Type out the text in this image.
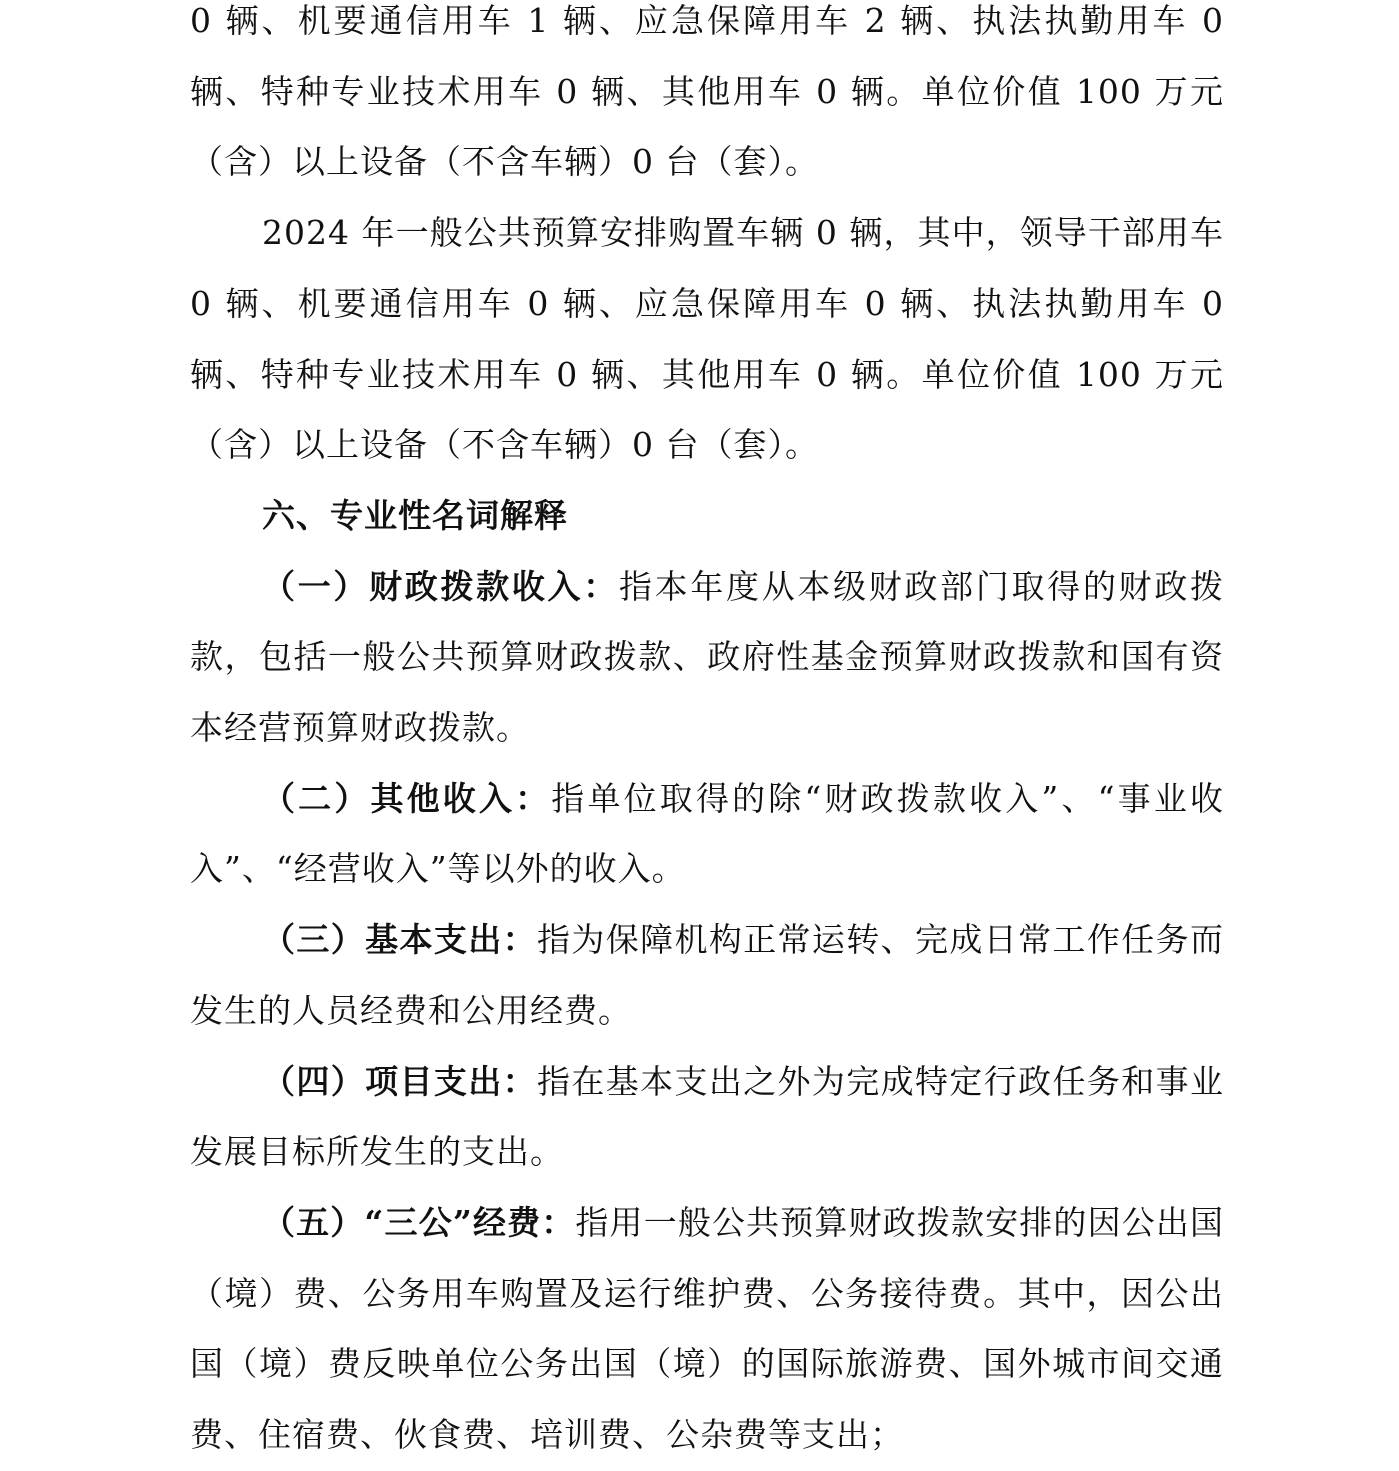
0 辆、机要通信用车 1 辆、应急保障用车 2 辆、执法执勤用车 0 辆、特种专业技术用车 0 辆、其他用车 0 辆。单位价值 100 万元（含）以上设备（不含车辆）0 台（套）。

2024 年一般公共预算安排购置车辆 0 辆，其中，领导干部用车 0 辆、机要通信用车 0 辆、应急保障用车 0 辆、执法执勤用车 0 辆、特种专业技术用车 0 辆、其他用车 0 辆。单位价值 100 万元（含）以上设备（不含车辆）0 台（套）。

六、专业性名词解释

（一）财政拨款收入：指本年度从本级财政部门取得的财政拨款，包括一般公共预算财政拨款、政府性基金预算财政拨款和国有资本经营预算财政拨款。

（二）其他收入：指单位取得的除“财政拨款收入”、“事业收入”、“经营收入”等以外的收入。

（三）基本支出：指为保障机构正常运转、完成日常工作任务而发生的人员经费和公用经费。

（四）项目支出：指在基本支出之外为完成特定行政任务和事业发展目标所发生的支出。

（五）“三公”经费：指用一般公共预算财政拨款安排的因公出国（境）费、公务用车购置及运行维护费、公务接待费。其中，因公出国（境）费反映单位公务出国（境）的国际旅游费、国外城市间交通费、住宿费、伙食费、培训费、公杂费等支出；
